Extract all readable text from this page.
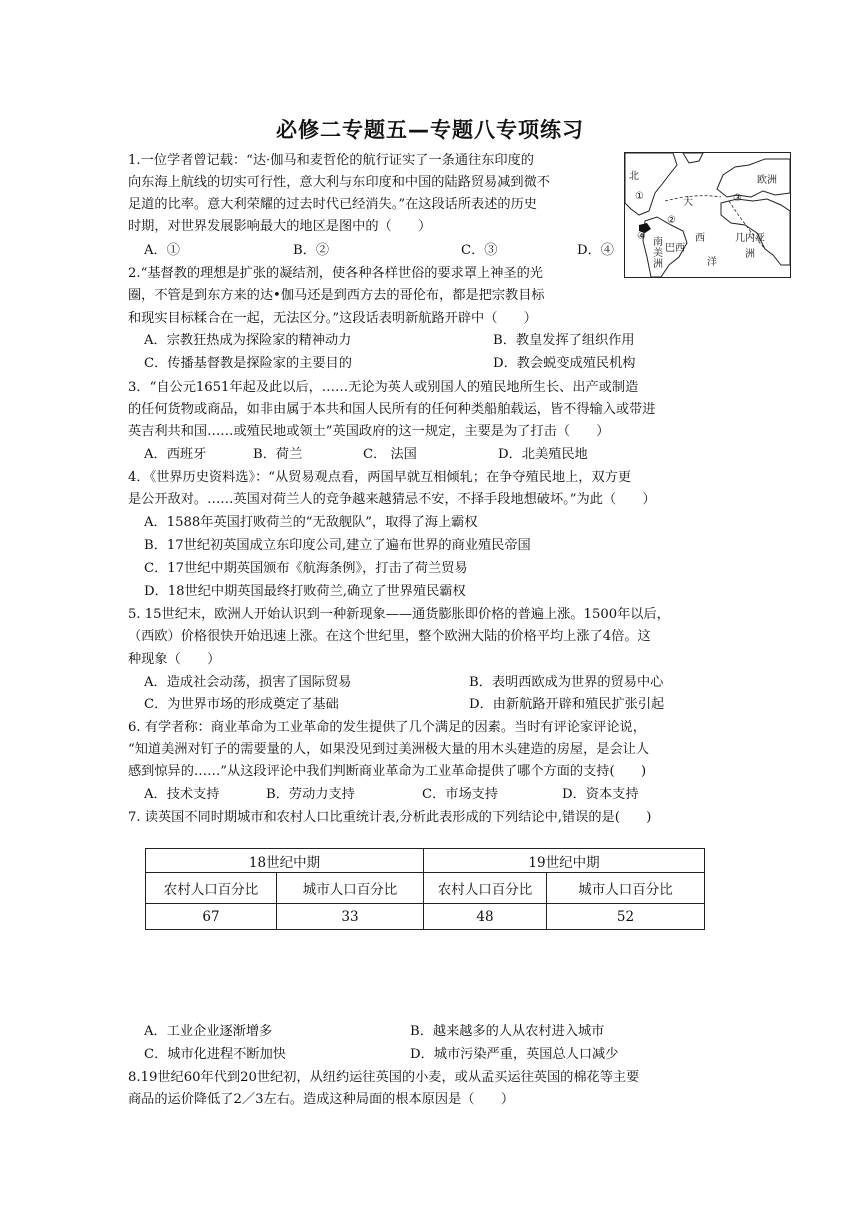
必修二专题五—专题八专项练习
北
①
②
③
④
大
西
洋
欧洲
几内亚
南
美
洲
巴西
洲
1.一位学者曾记载：“达·伽马和麦哲伦的航行证实了一条通往东印度的
向东海上航线的切实可行性，意大利与东印度和中国的陆路贸易减到微不
足道的比率。意大利荣耀的过去时代已经消失。”在这段话所表述的历史
时期，对世界发展影响最大的地区是图中的（　　）
A．①	B．②	C．③	D．④
2.“基督教的理想是扩张的凝结剂，使各种各样世俗的要求罩上神圣的光
圈，不管是到东方来的达•伽马还是到西方去的哥伦布，都是把宗教目标
和现实目标糅合在一起，无法区分。”这段话表明新航路开辟中（　　）
A．宗教狂热成为探险家的精神动力	B．教皇发挥了组织作用
C．传播基督教是探险家的主要目的	D．教会蜕变成殖民机构
3．“自公元1651年起及此以后，……无论为英人或别国人的殖民地所生长、出产或制造
的任何货物或商品，如非由属于本共和国人民所有的任何种类船舶载运，皆不得输入或带进
英吉利共和国……或殖民地或领土”英国政府的这一规定，主要是为了打击（　　）
A．西班牙	B．荷兰	C． 法国	D．北美殖民地
4．《世界历史资料选》：“从贸易观点看，两国早就互相倾轧；在争夺殖民地上，双方更
是公开敌对。……英国对荷兰人的竞争越来越猜忌不安，不择手段地想破坏。”为此（　　）
A．1588年英国打败荷兰的“无敌舰队”，取得了海上霸权
B．17世纪初英国成立东印度公司,建立了遍布世界的商业殖民帝国
C．17世纪中期英国颁布《航海条例》，打击了荷兰贸易
D．18世纪中期英国最终打败荷兰,确立了世界殖民霸权
5. 15世纪末，欧洲人开始认识到一种新现象——通货膨胀即价格的普遍上涨。1500年以后，
（西欧）价格很快开始迅速上涨。在这个世纪里，整个欧洲大陆的价格平均上涨了4倍。这
种现象（　　）
A．造成社会动荡，损害了国际贸易	B．表明西欧成为世界的贸易中心
C．为世界市场的形成奠定了基础	D．由新航路开辟和殖民扩张引起
6. 有学者称：商业革命为工业革命的发生提供了几个满足的因素。当时有评论家评论说，
“知道美洲对钉子的需要量的人，如果没见到过美洲极大量的用木头建造的房屋，是会让人
感到惊异的……”从这段评论中我们判断商业革命为工业革命提供了哪个方面的支持(　　)
A．技术支持	B．劳动力支持	C．市场支持	D．资本支持
7. 读英国不同时期城市和农村人口比重统计表,分析此表形成的下列结论中,错误的是(　　)
18世纪中期		19世纪中期	
农村人口百分比	城市人口百分比	农村人口百分比	城市人口百分比
67	33	48	52
A．工业企业逐渐增多	B．越来越多的人从农村进入城市
C．城市化进程不断加快	D．城市污染严重，英国总人口减少
8.19世纪60年代到20世纪初，从纽约运往英国的小麦，或从孟买运往英国的棉花等主要
商品的运价降低了2／3左右。造成这种局面的根本原因是（　　）
